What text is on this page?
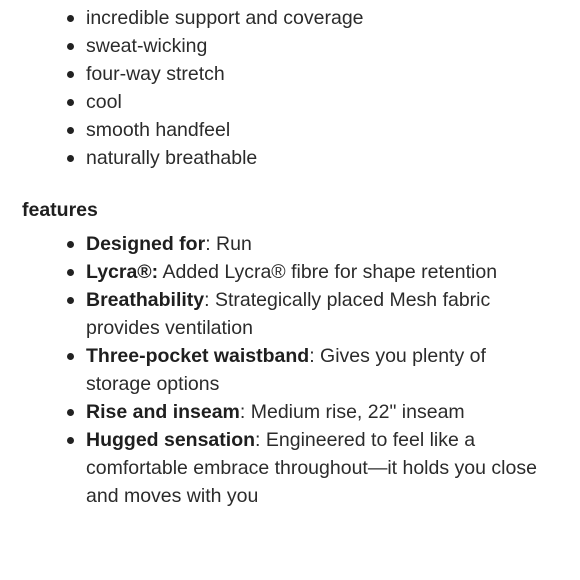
incredible support and coverage
sweat-wicking
four-way stretch
cool
smooth handfeel
naturally breathable
features
Designed for: Run
Lycra®: Added Lycra® fibre for shape retention
Breathability: Strategically placed Mesh fabric provides ventilation
Three-pocket waistband: Gives you plenty of storage options
Rise and inseam: Medium rise, 22" inseam
Hugged sensation: Engineered to feel like a comfortable embrace throughout—it holds you close and moves with you
